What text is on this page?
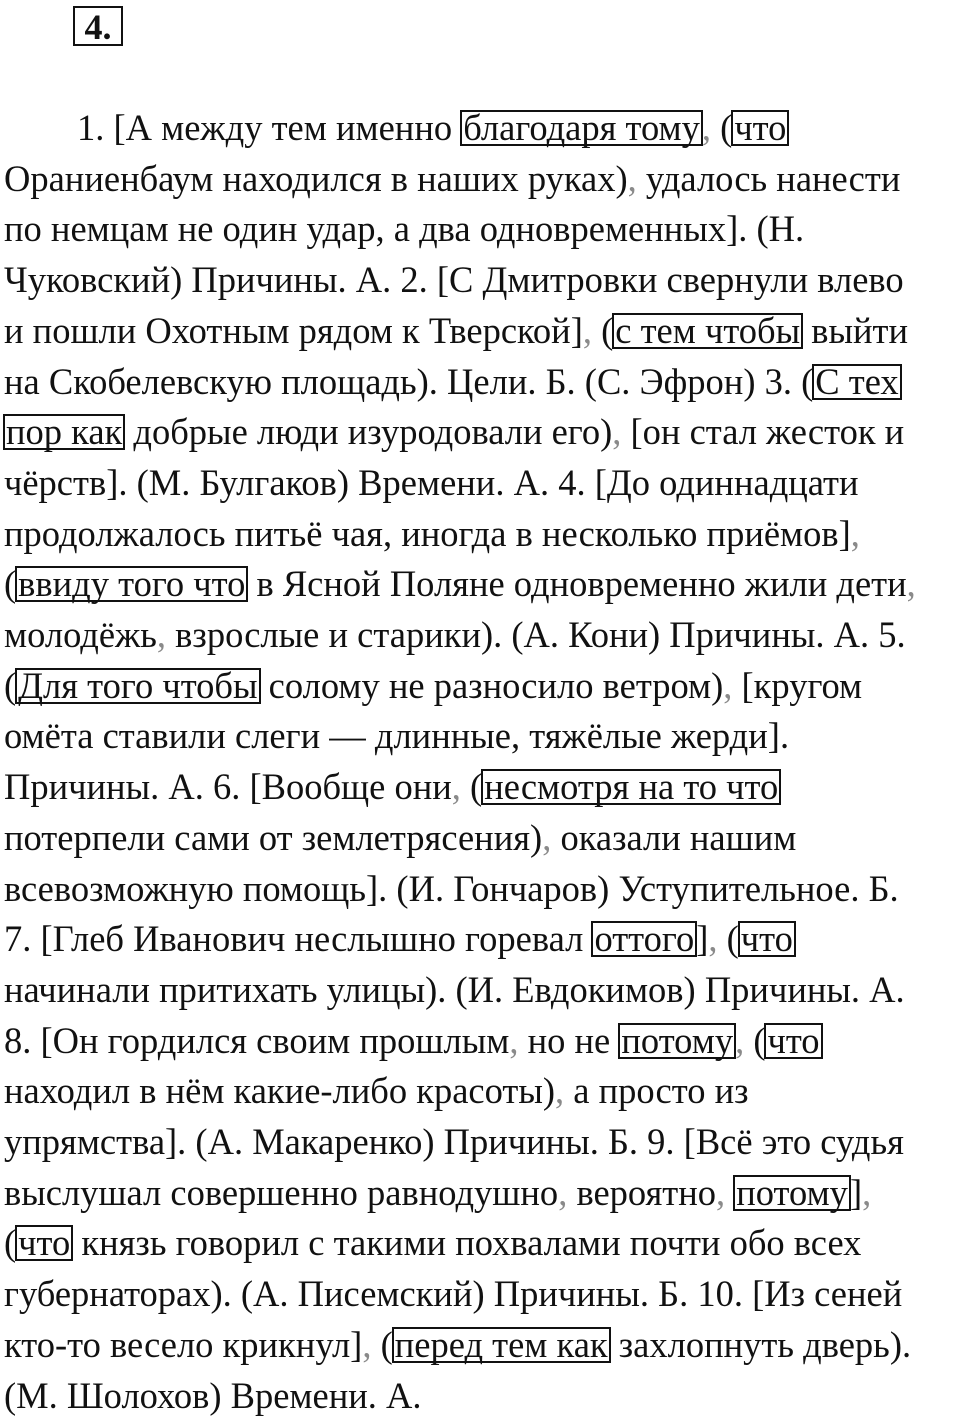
4.
1. [А между тем именно благодаря тому, (что
Ораниенбаум находился в наших руках), удалось нанести
по немцам не один удар, а два одновременных]. (Н.
Чуковский) Причины. А. 2. [С Дмитровки свернули влево
и пошли Охотным рядом к Тверской], (с тем чтобы выйти
на Скобелевскую площадь). Цели. Б. (С. Эфрон) 3. (С тех
пор как добрые люди изуродовали его), [он стал жесток и
чёрств]. (М. Булгаков) Времени. А. 4. [До одиннадцати
продолжалось питьё чая, иногда в несколько приёмов],
(ввиду того что в Ясной Поляне одновременно жили дети,
молодёжь, взрослые и старики). (А. Кони) Причины. А. 5.
(Для того чтобы солому не разносило ветром), [кругом
омёта ставили слеги — длинные, тяжёлые жерди].
Причины. А. 6. [Вообще они, (несмотря на то что
потерпели сами от землетрясения), оказали нашим
всевозможную помощь]. (И. Гончаров) Уступительное. Б.
7. [Глеб Иванович неслышно горевал оттого], (что
начинали притихать улицы). (И. Евдокимов) Причины. А.
8. [Он гордился своим прошлым, но не потому, (что
находил в нём какие-либо красоты), а просто из
упрямства]. (А. Макаренко) Причины. Б. 9. [Всё это судья
выслушал совершенно равнодушно, вероятно, потому],
(что князь говорил с такими похвалами почти обо всех
губернаторах). (А. Писемский) Причины. Б. 10. [Из сеней
кто-то весело крикнул], (перед тем как захлопнуть дверь).
(М. Шолохов) Времени. А.
